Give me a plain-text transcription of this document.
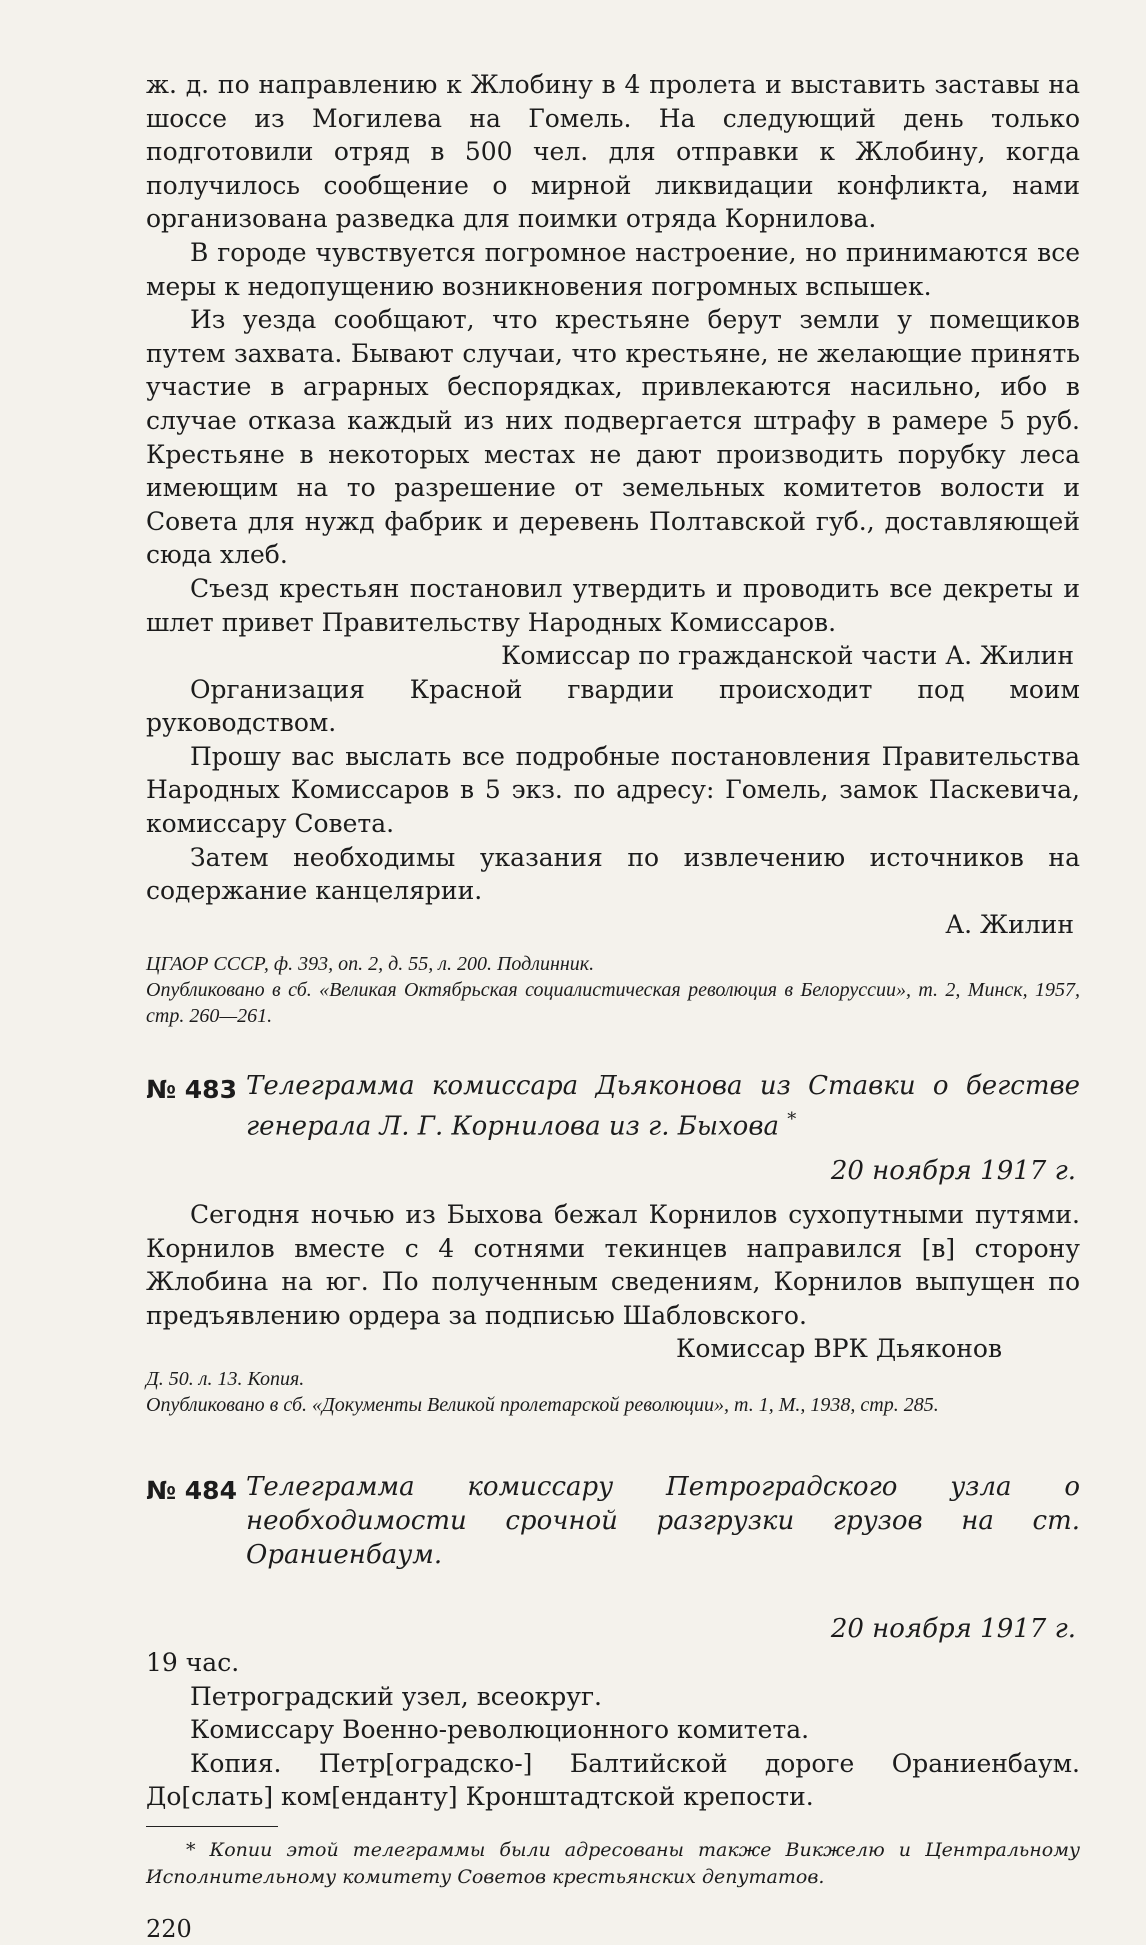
ж. д. по направлению к Жлобину в 4 пролета и выставить заставы на шоссе из Могилева на Гомель. На следующий день только подготовили отряд в 500 чел. для отправки к Жлобину, когда получилось сообщение о мирной ликвидации конфликта, нами организована разведка для поимки отряда Корнилова.

В городе чувствуется погромное настроение, но принимаются все меры к недопущению возникновения погромных вспышек.

Из уезда сообщают, что крестьяне берут земли у помещиков путем захвата. Бывают случаи, что крестьяне, не желающие принять участие в аграрных беспорядках, привлекаются насильно, ибо в случае отказа каждый из них подвергается штрафу в рамере 5 руб. Крестьяне в некоторых местах не дают производить порубку леса имеющим на то разрешение от земельных комитетов волости и Совета для нужд фабрик и деревень Полтавской губ., доставляющей сюда хлеб.

Съезд крестьян постановил утвердить и проводить все декреты и шлет привет Правительству Народных Комиссаров.

Комиссар по гражданской части А. Жилин

Организация Красной гвардии происходит под моим руководством.

Прошу вас выслать все подробные постановления Правительства Народных Комиссаров в 5 экз. по адресу: Гомель, замок Паскевича, комиссару Совета.

Затем необходимы указания по извлечению источников на содержание канцелярии.

А. Жилин

ЦГАОР СССР, ф. 393, оп. 2, д. 55, л. 200. Подлинник.

Опубликовано в сб. «Великая Октябрьская социалистическая революция в Белоруссии», т. 2, Минск, 1957, стр. 260—261.

№ 483 Телеграмма комиссара Дьяконова из Ставки о бегстве генерала Л. Г. Корнилова из г. Быхова *

20 ноября 1917 г.

Сегодня ночью из Быхова бежал Корнилов сухопутными путями. Корнилов вместе с 4 сотнями текинцев направился [в] сторону Жлобина на юг. По полученным сведениям, Корнилов выпущен по предъявлению ордера за подписью Шабловского.

Комиссар ВРК Дьяконов

Д. 50. л. 13. Копия.

Опубликовано в сб. «Документы Великой пролетарской революции», т. 1, М., 1938, стр. 285.

№ 484 Телеграмма комиссару Петроградского узла о необходимости срочной разгрузки грузов на ст. Ораниенбаум.

20 ноября 1917 г.

19 час.

Петроградский узел, всеокруг.

Комиссару Военно-революционного комитета.

Копия. Петр[оградско-] Балтийской дороге Ораниенбаум. До[слать] ком[енданту] Кронштадтской крепости.

* Копии этой телеграммы были адресованы также Викжелю и Центральному Исполнительному комитету Советов крестьянских депутатов.

220
